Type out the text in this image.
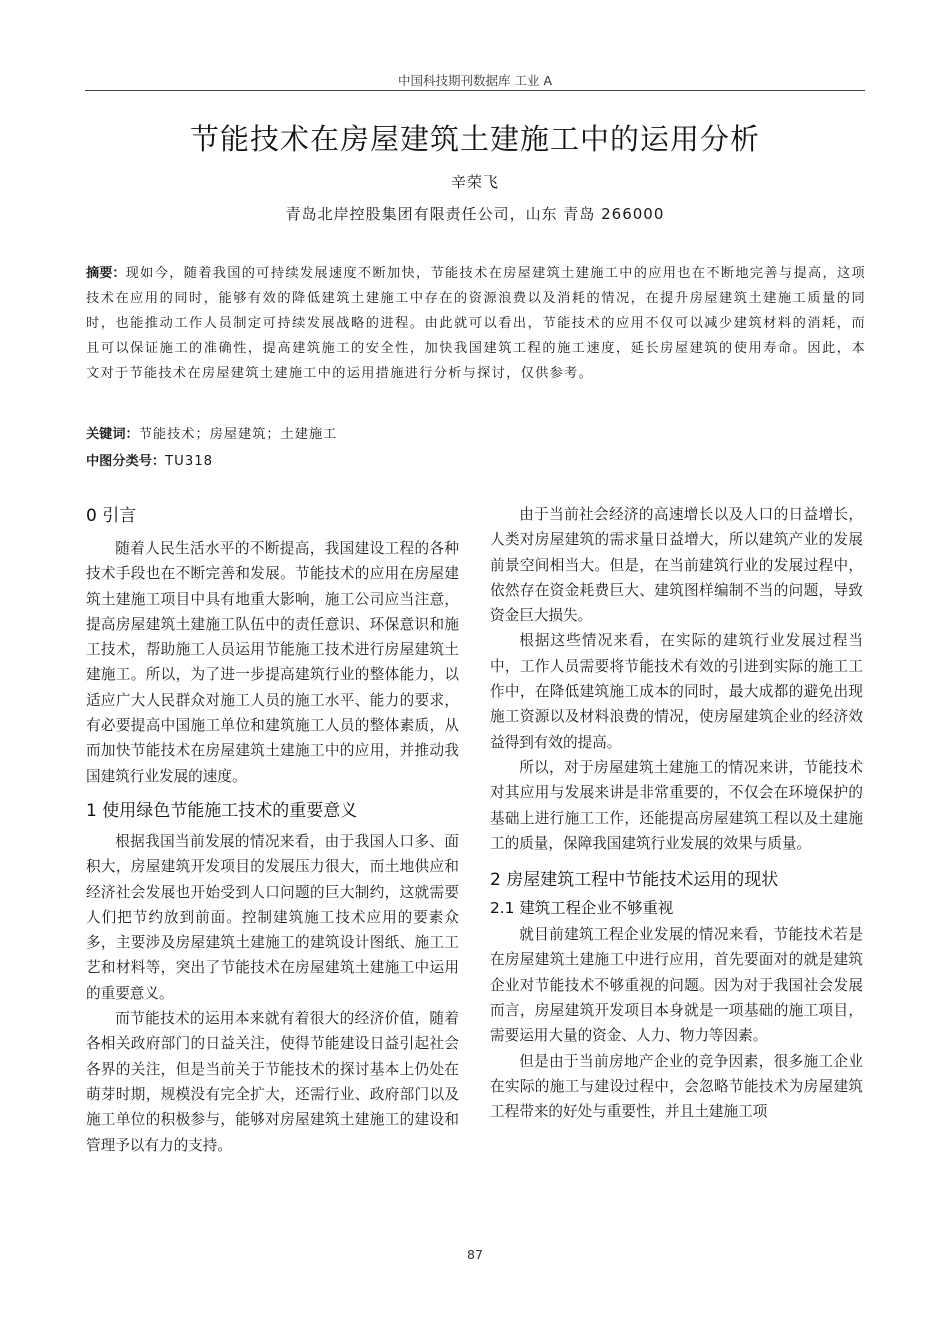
中国科技期刊数据库 工业 A
节能技术在房屋建筑土建施工中的运用分析
辛荣飞
青岛北岸控股集团有限责任公司，山东 青岛 266000
摘要：现如今，随着我国的可持续发展速度不断加快，节能技术在房屋建筑土建施工中的应用也在不断地完善与提高，这项技术在应用的同时，能够有效的降低建筑土建施工中存在的资源浪费以及消耗的情况，在提升房屋建筑土建施工质量的同时，也能推动工作人员制定可持续发展战略的进程。由此就可以看出，节能技术的应用不仅可以减少建筑材料的消耗，而且可以保证施工的准确性，提高建筑施工的安全性，加快我国建筑工程的施工速度，延长房屋建筑的使用寿命。因此，本文对于节能技术在房屋建筑土建施工中的运用措施进行分析与探讨，仅供参考。
关键词：节能技术；房屋建筑；土建施工
中图分类号：TU318
0 引言

随着人民生活水平的不断提高，我国建设工程的各种技术手段也在不断完善和发展。节能技术的应用在房屋建筑土建施工项目中具有地重大影响，施工公司应当注意，提高房屋建筑土建施工队伍中的责任意识、环保意识和施工技术，帮助施工人员运用节能施工技术进行房屋建筑土建施工。所以，为了进一步提高建筑行业的整体能力，以适应广大人民群众对施工人员的施工水平、能力的要求，有必要提高中国施工单位和建筑施工人员的整体素质，从而加快节能技术在房屋建筑土建施工中的应用，并推动我国建筑行业发展的速度。

1 使用绿色节能施工技术的重要意义

根据我国当前发展的情况来看，由于我国人口多、面积大，房屋建筑开发项目的发展压力很大，而土地供应和经济社会发展也开始受到人口问题的巨大制约，这就需要人们把节约放到前面。控制建筑施工技术应用的要素众多，主要涉及房屋建筑土建施工的建筑设计图纸、施工工艺和材料等，突出了节能技术在房屋建筑土建施工中运用的重要意义。

而节能技术的运用本来就有着很大的经济价值，随着各相关政府部门的日益关注，使得节能建设日益引起社会各界的关注，但是当前关于节能技术的探讨基本上仍处在萌芽时期，规模没有完全扩大，还需行业、政府部门以及施工单位的积极参与，能够对房屋建筑土建施工的建设和管理予以有力的支持。

由于当前社会经济的高速增长以及人口的日益增长，人类对房屋建筑的需求量日益增大，所以建筑产业的发展前景空间相当大。但是，在当前建筑行业的发展过程中，依然存在资金耗费巨大、建筑图样编制不当的问题，导致资金巨大损失。

根据这些情况来看，在实际的建筑行业发展过程当中，工作人员需要将节能技术有效的引进到实际的施工工作中，在降低建筑施工成本的同时，最大成都的避免出现施工资源以及材料浪费的情况，使房屋建筑企业的经济效益得到有效的提高。

所以，对于房屋建筑土建施工的情况来讲，节能技术对其应用与发展来讲是非常重要的，不仅会在环境保护的基础上进行施工工作，还能提高房屋建筑工程以及土建施工的质量，保障我国建筑行业发展的效果与质量。

2 房屋建筑工程中节能技术运用的现状
2.1 建筑工程企业不够重视

就目前建筑工程企业发展的情况来看，节能技术若是在房屋建筑土建施工中进行应用，首先要面对的就是建筑企业对节能技术不够重视的问题。因为对于我国社会发展而言，房屋建筑开发项目本身就是一项基础的施工项目，需要运用大量的资金、人力、物力等因素。

但是由于当前房地产企业的竞争因素，很多施工企业在实际的施工与建设过程中，会忽略节能技术为房屋建筑工程带来的好处与重要性，并且土建施工项

87
